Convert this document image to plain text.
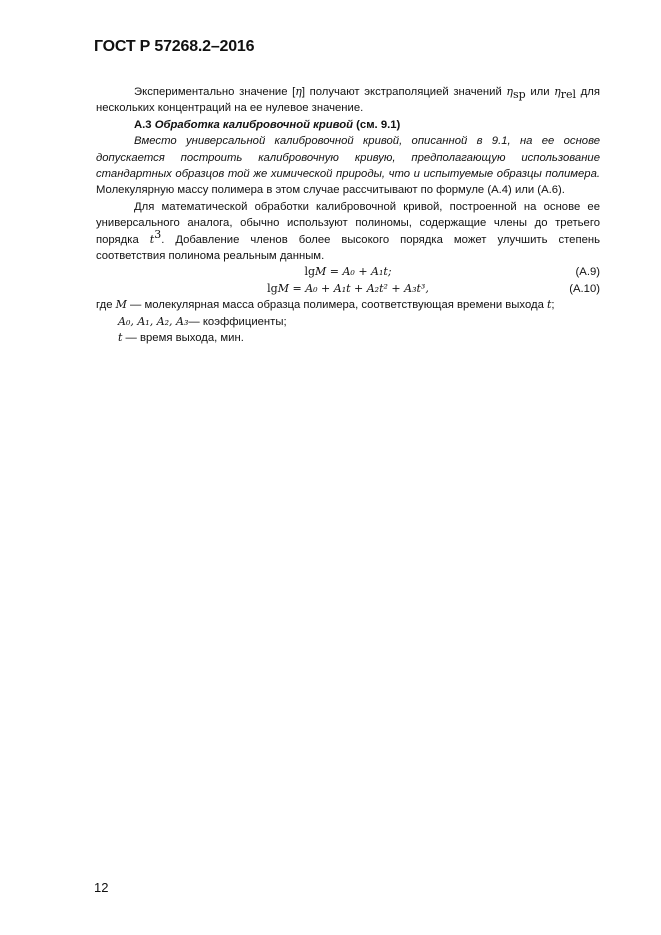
ГОСТ Р 57268.2–2016

Экспериментально значение [η] получают экстраполяцией значений $\eta_{sp}$ или $\eta_{rel}$ для нескольких концентраций на ее нулевое значение.

А.3 Обработка калибровочной кривой (см. 9.1)

Вместо универсальной калибровочной кривой, описанной в 9.1, на ее основе допускается построить калибровочную кривую, предполагающую использование стандартных образцов той же химической природы, что и испытуемые образцы полимера. Молекулярную массу полимера в этом случае рассчитывают по формуле (А.4) или (А.6).

Для математической обработки калибровочной кривой, построенной на основе ее универсального аналога, обычно используют полиномы, содержащие члены до третьего порядка $t^3$. Добавление членов более высокого порядка может улучшить степень соответствия полинома реальным данным.

lgM = A₀ + A₁t;	(А.9)
lgM = A₀ + A₁t + A₂t² + A₃t³,	(А.10)

где M — молекулярная масса образца полимера, соответствующая времени выхода t;

A₀, A₁, A₂, A₃— коэффициенты;

t — время выхода, мин.

12
